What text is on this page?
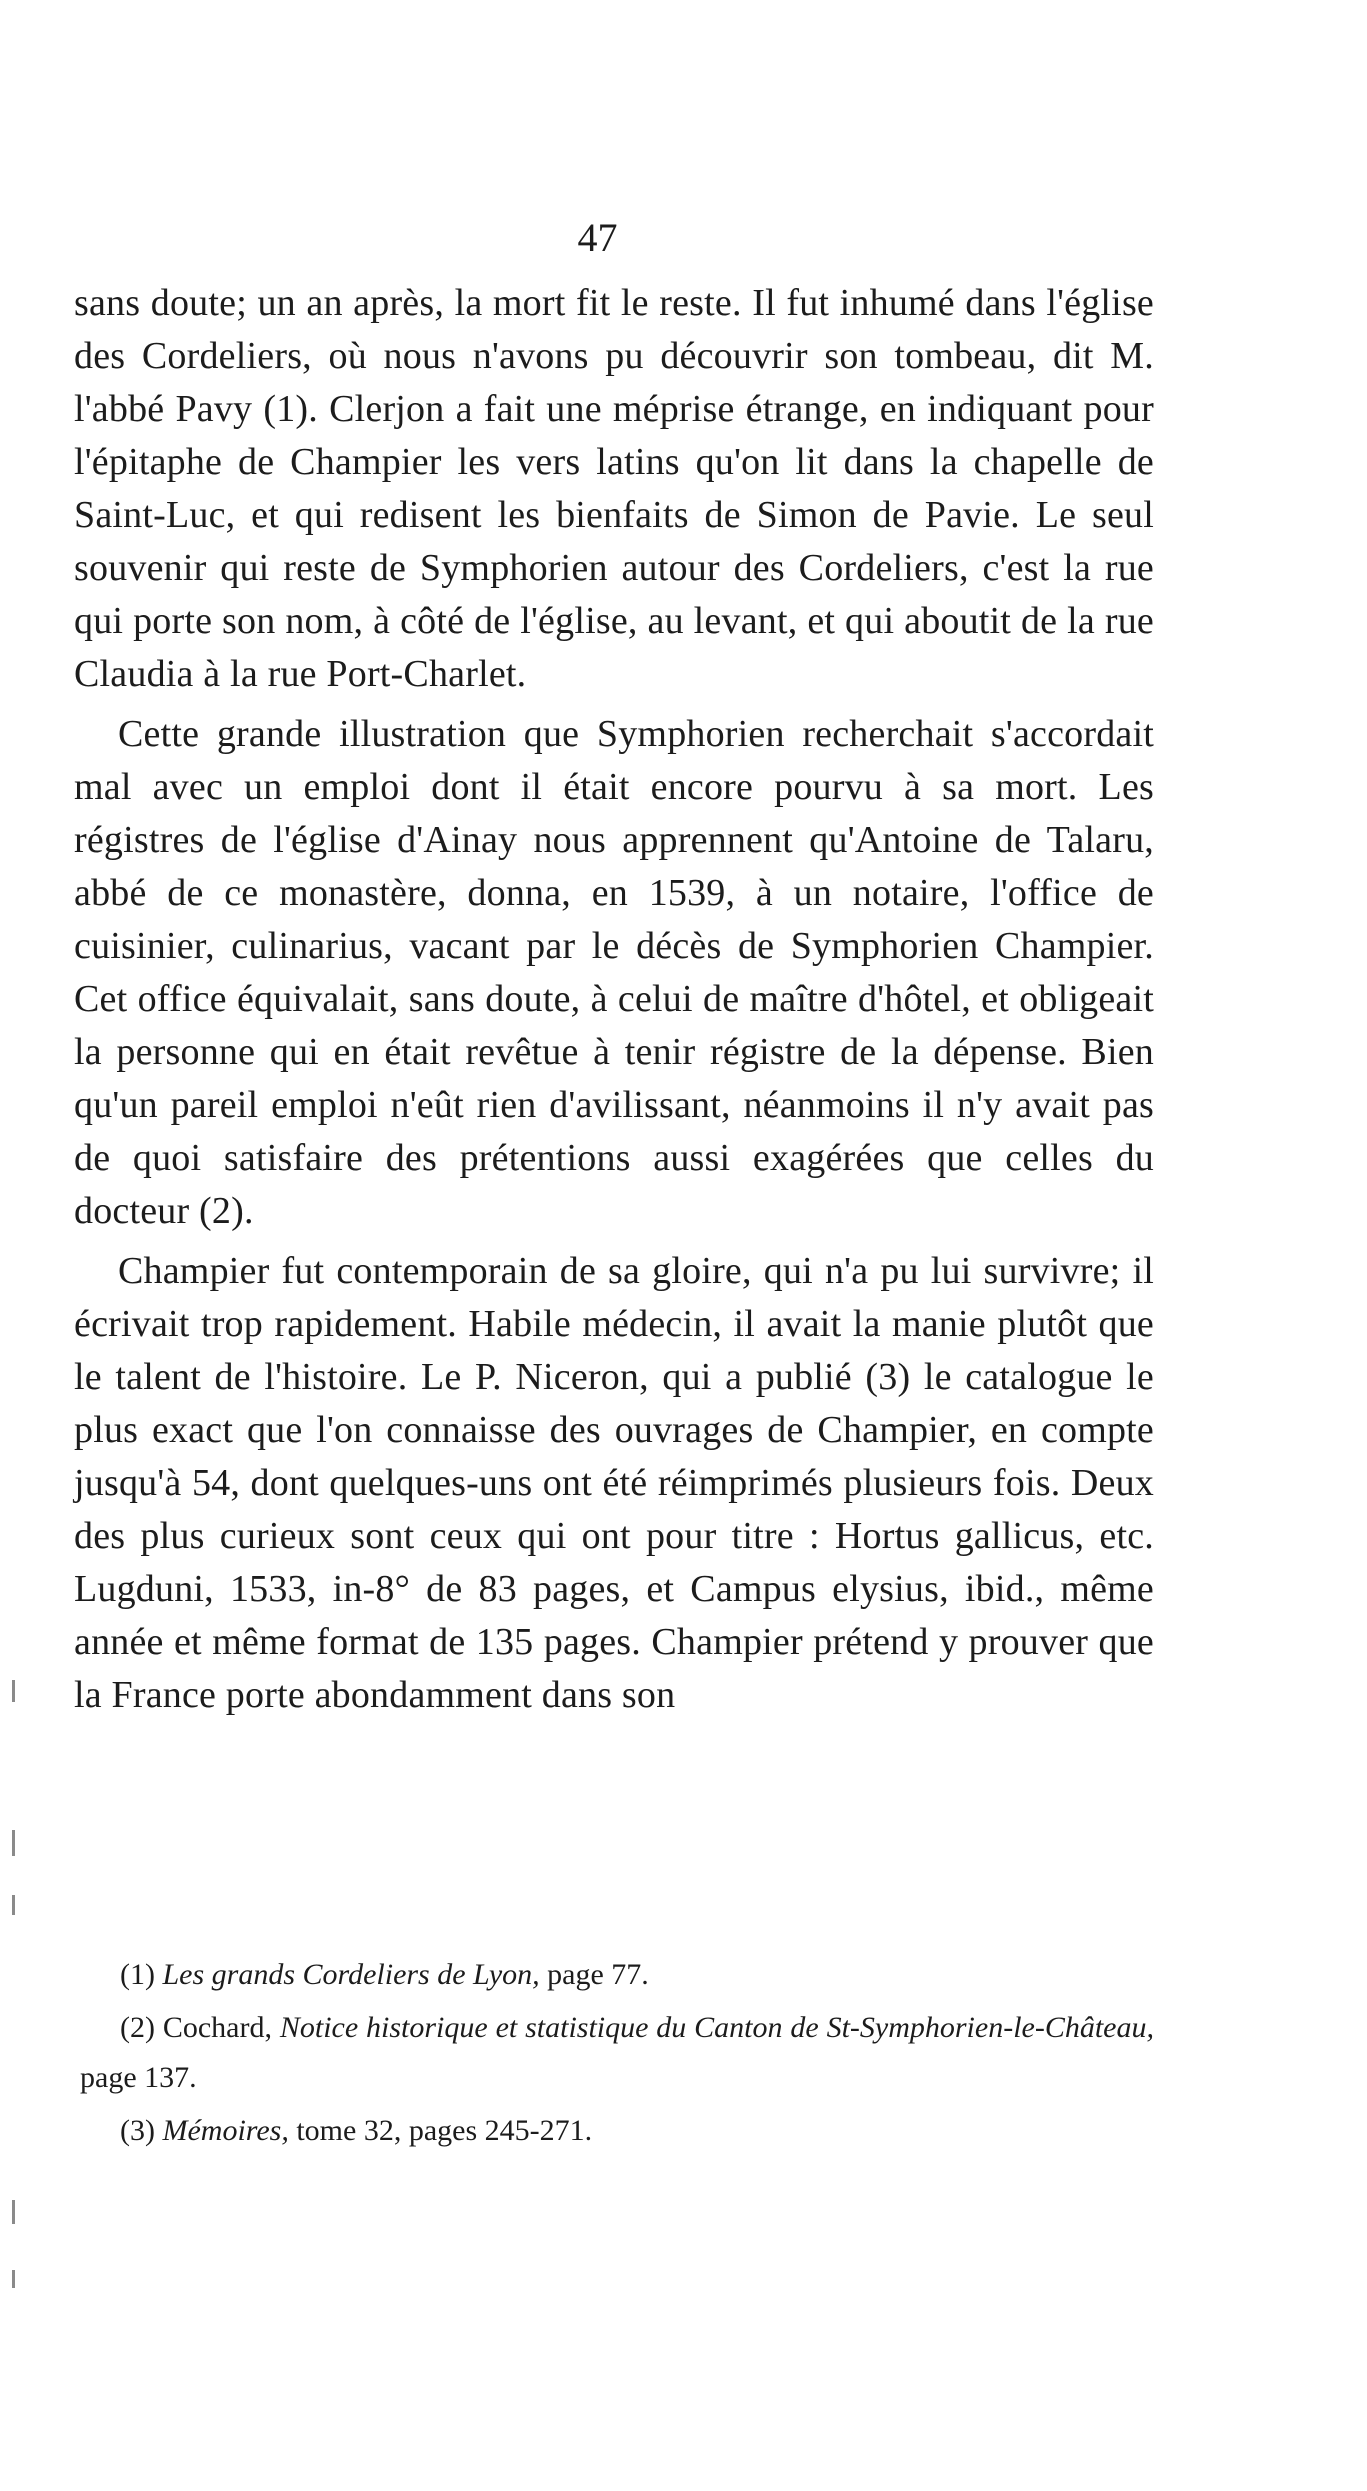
47

sans doute; un an après, la mort fit le reste. Il fut inhumé dans l'église des Cordeliers, où nous n'avons pu découvrir son tombeau, dit M. l'abbé Pavy (1). Clerjon a fait une méprise étrange, en indiquant pour l'épitaphe de Champier les vers latins qu'on lit dans la chapelle de Saint-Luc, et qui redisent les bienfaits de Simon de Pavie. Le seul souvenir qui reste de Symphorien autour des Cordeliers, c'est la rue qui porte son nom, à côté de l'église, au levant, et qui aboutit de la rue Claudia à la rue Port-Charlet.

Cette grande illustration que Symphorien recherchait s'accordait mal avec un emploi dont il était encore pourvu à sa mort. Les régistres de l'église d'Ainay nous apprennent qu'Antoine de Talaru, abbé de ce monastère, donna, en 1539, à un notaire, l'office de cuisinier, culinarius, vacant par le décès de Symphorien Champier. Cet office équivalait, sans doute, à celui de maître d'hôtel, et obligeait la personne qui en était revêtue à tenir régistre de la dépense. Bien qu'un pareil emploi n'eût rien d'avilissant, néanmoins il n'y avait pas de quoi satisfaire des prétentions aussi exagérées que celles du docteur (2).

Champier fut contemporain de sa gloire, qui n'a pu lui survivre; il écrivait trop rapidement. Habile médecin, il avait la manie plutôt que le talent de l'histoire. Le P. Niceron, qui a publié (3) le catalogue le plus exact que l'on connaisse des ouvrages de Champier, en compte jusqu'à 54, dont quelques-uns ont été réimprimés plusieurs fois. Deux des plus curieux sont ceux qui ont pour titre : Hortus gallicus, etc. Lugduni, 1533, in-8° de 83 pages, et Campus elysius, ibid., même année et même format de 135 pages. Champier prétend y prouver que la France porte abondamment dans son

(1) Les grands Cordeliers de Lyon, page 77.

(2) Cochard, Notice historique et statistique du Canton de St-Symphorien-le-Château, page 137.

(3) Mémoires, tome 32, pages 245-271.
